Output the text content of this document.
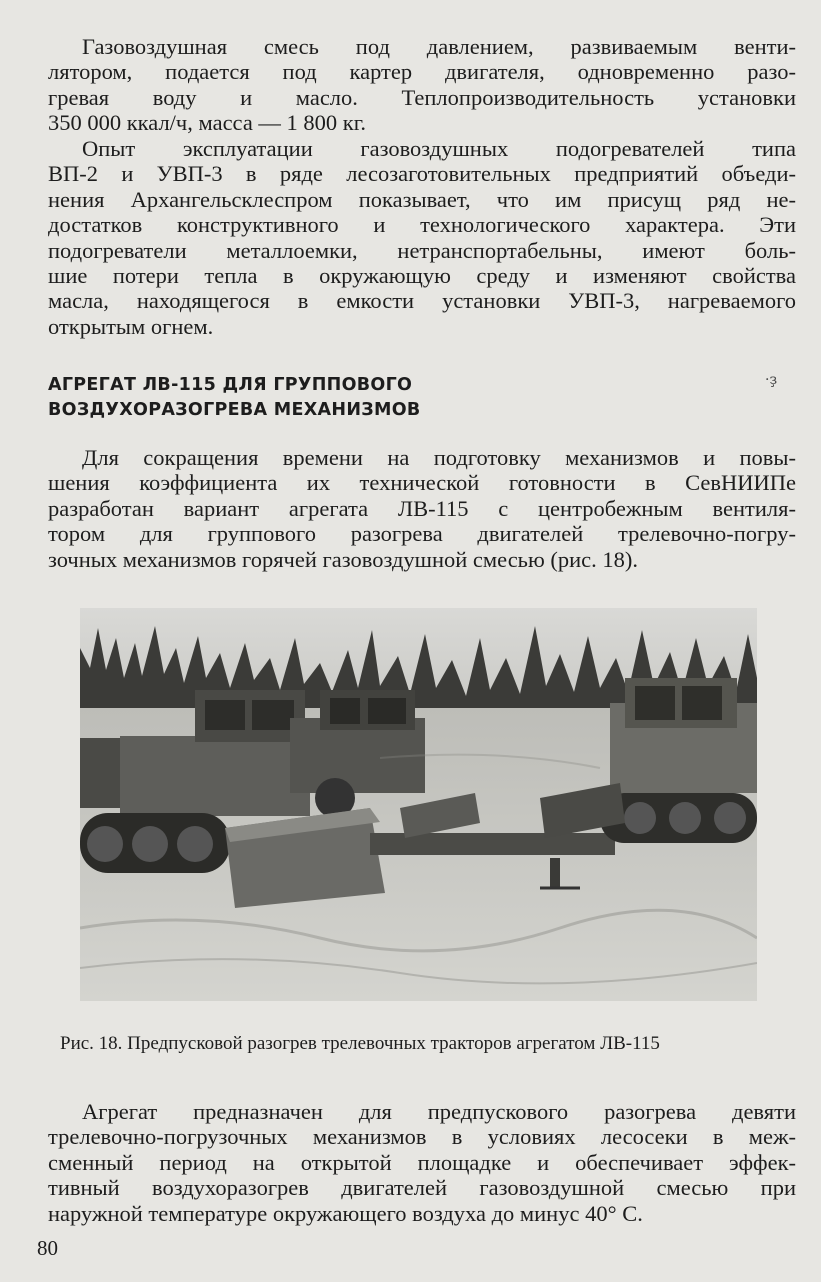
Газовоздушная смесь под давлением, развиваемым венти-
лятором, подается под картер двигателя, одновременно разо-
гревая воду и масло. Теплопроизводительность установки
350 000 ккал/ч, масса — 1 800 кг.
Опыт эксплуатации газовоздушных подогревателей типа
ВП-2 и УВП-3 в ряде лесозаготовительных предприятий объеди-
нения Архангельсклеспром показывает, что им присущ ряд не-
достатков конструктивного и технологического характера. Эти
подогреватели металлоемки, нетранспортабельны, имеют боль-
шие потери тепла в окружающую среду и изменяют свойства
масла, находящегося в емкости установки УВП-3, нагреваемого
открытым огнем.
АГРЕГАТ ЛВ-115 ДЛЯ ГРУППОВОГО
ВОЗДУХОРАЗОГРЕВА МЕХАНИЗМОВ
·ҙ
Для сокращения времени на подготовку механизмов и повы-
шения коэффициента их технической готовности в СевНИИПе
разработан вариант агрегата ЛВ-115 с центробежным вентиля-
тором для группового разогрева двигателей трелевочно-погру-
зочных механизмов горячей газовоздушной смесью (рис. 18).
Рис. 18. Предпусковой разогрев трелевочных тракторов агрегатом ЛВ-115
Агрегат предназначен для предпускового разогрева девяти
трелевочно-погрузочных механизмов в условиях лесосеки в меж-
сменный период на открытой площадке и обеспечивает эффек-
тивный воздухоразогрев двигателей газовоздушной смесью при
наружной температуре окружающего воздуха до минус 40° С.
80
